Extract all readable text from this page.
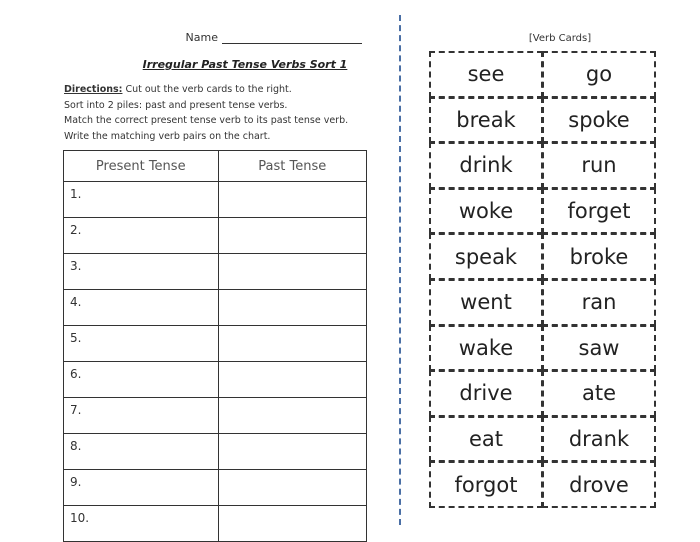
Name
Irregular Past Tense Verbs Sort 1

Directions: Cut out the verb cards to the right.

Sort into 2 piles: past and present tense verbs.

Match the correct present tense verb to its past tense verb.

Write the matching verb pairs on the chart.

Present Tense	Past Tense
1.	
2.	
3.	
4.	
5.	
6.	
7.	
8.	
9.	
10.	
[Verb Cards]
see	go
break	spoke
drink	run
woke	forget
speak	broke
went	ran
wake	saw
drive	ate
eat	drank
forgot	drove
